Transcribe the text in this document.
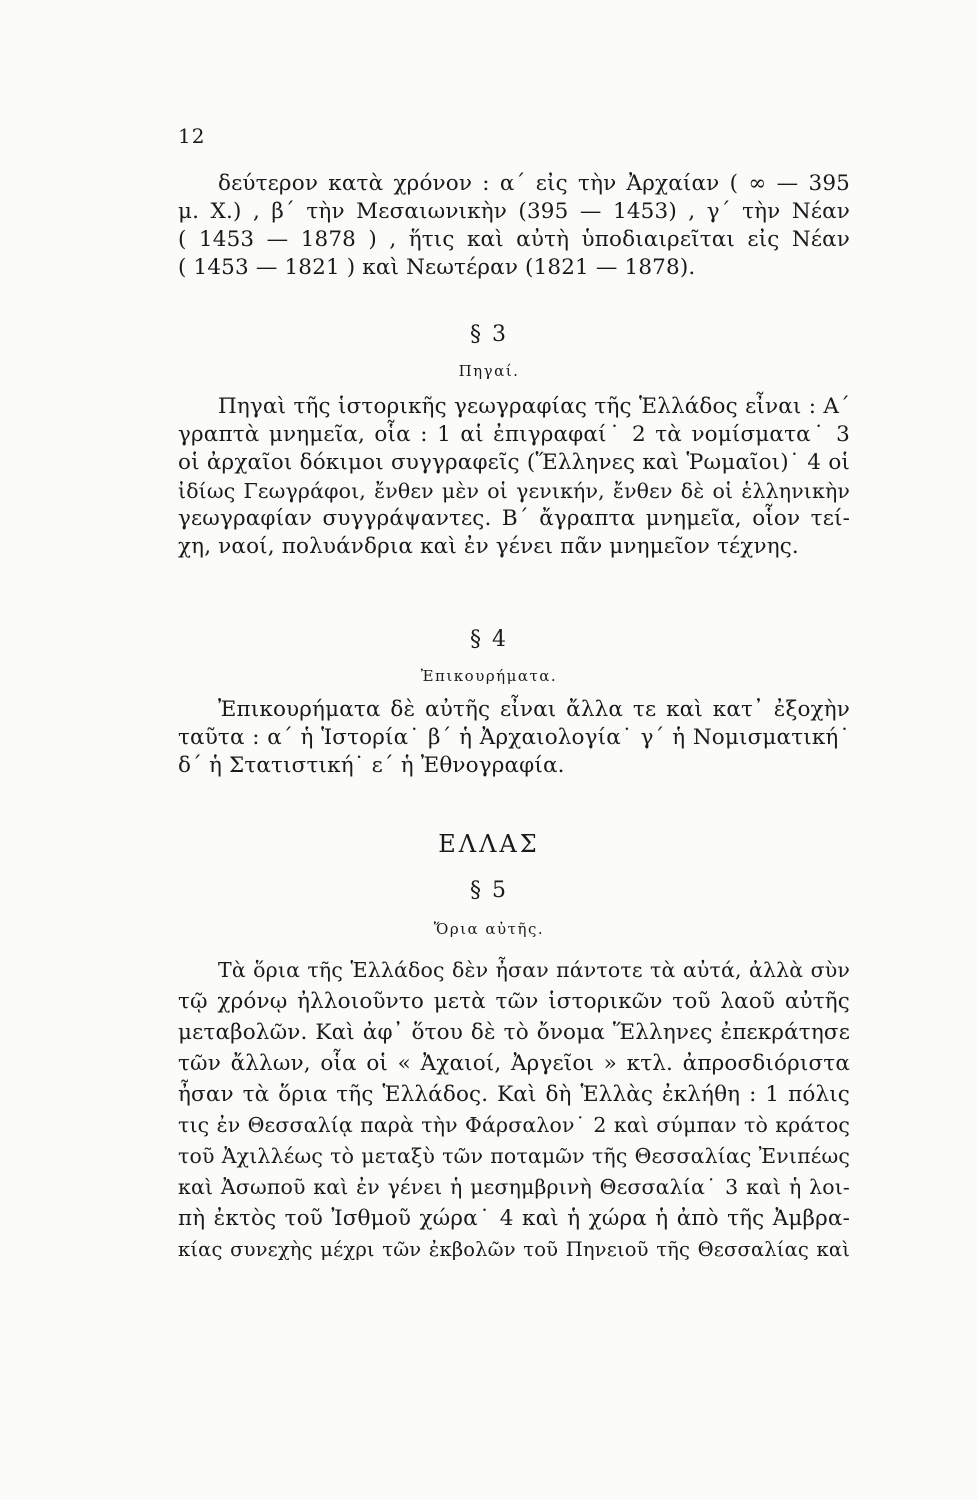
12
δεύτερον κατὰ χρόνον : α΄ εἰς τὴν Ἀρχαίαν ( ∞ — 395
μ. Χ.) , β΄ τὴν Μεσαιωνικὴν (395 — 1453) , γ΄ τὴν Νέαν
( 1453 — 1878 ) , ἥτις καὶ αὐτὴ ὑποδιαιρεῖται εἰς Νέαν
( 1453 — 1821 ) καὶ Νεωτέραν (1821 — 1878).
§ 3
Πηγαί.
Πηγαὶ τῆς ἱστορικῆς γεωγραφίας τῆς Ἑλλάδος εἶναι : Α΄
γραπτὰ μνημεῖα, οἷα : 1 αἱ ἐπιγραφαί˙ 2 τὰ νομίσματα˙ 3
οἱ ἀρχαῖοι δόκιμοι συγγραφεῖς (Ἕλληνες καὶ Ῥωμαῖοι)˙ 4 οἱ
ἰδίως Γεωγράφοι, ἔνθεν μὲν οἱ γενικήν, ἔνθεν δὲ οἱ ἑλληνικὴν
γεωγραφίαν συγγράψαντες. Β΄ ἄγραπτα μνημεῖα, οἷον τεί-
χη, ναοί, πολυάνδρια καὶ ἐν γένει πᾶν μνημεῖον τέχνης.
§ 4
Ἐπικουρήματα.
Ἐπικουρήματα δὲ αὐτῆς εἶναι ἄλλα τε καὶ κατ᾽ ἐξοχὴν
ταῦτα : α΄ ἡ Ἱστορία˙ β΄ ἡ Ἀρχαιολογία˙ γ΄ ἡ Νομισματική˙
δ΄ ἡ Στατιστική˙ ε΄ ἡ Ἐθνογραφία.
ΕΛΛΑΣ
§ 5
Ὅρια αὐτῆς.
Τὰ ὅρια τῆς Ἑλλάδος δὲν ἦσαν πάντοτε τὰ αὐτά, ἀλλὰ σὺν
τῷ χρόνῳ ἠλλοιοῦντο μετὰ τῶν ἱστορικῶν τοῦ λαοῦ αὐτῆς
μεταβολῶν. Καὶ ἀφ᾽ ὅτου δὲ τὸ ὄνομα Ἕλληνες ἐπεκράτησε
τῶν ἄλλων, οἷα οἱ « Ἀχαιοί, Ἀργεῖοι » κτλ. ἀπροσδιόριστα
ἦσαν τὰ ὅρια τῆς Ἑλλάδος. Καὶ δὴ Ἑλλὰς ἐκλήθη : 1 πόλις
τις ἐν Θεσσαλίᾳ παρὰ τὴν Φάρσαλον˙ 2 καὶ σύμπαν τὸ κράτος
τοῦ Ἀχιλλέως τὸ μεταξὺ τῶν ποταμῶν τῆς Θεσσαλίας Ἐνιπέως
καὶ Ἀσωποῦ καὶ ἐν γένει ἡ μεσημβρινὴ Θεσσαλία˙ 3 καὶ ἡ λοι-
πὴ ἐκτὸς τοῦ Ἰσθμοῦ χώρα˙ 4 καὶ ἡ χώρα ἡ ἀπὸ τῆς Ἀμβρα-
κίας συνεχὴς μέχρι τῶν ἐκβολῶν τοῦ Πηνειοῦ τῆς Θεσσαλίας καὶ
